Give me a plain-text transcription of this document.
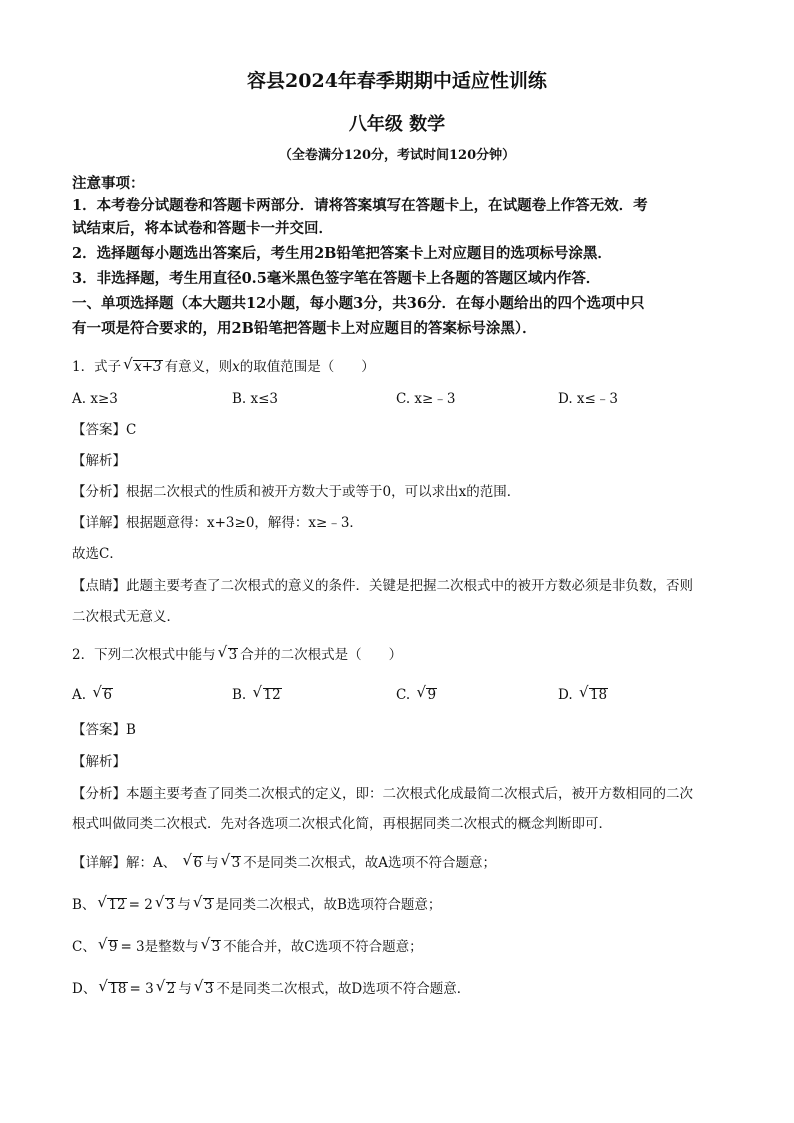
容县2024年春季期期中适应性训练
八年级 数学
（全卷满分120分，考试时间120分钟）
注意事项：
1．本考卷分试题卷和答题卡两部分．请将答案填写在答题卡上，在试题卷上作答无效．考
试结束后，将本试卷和答题卡一并交回．
2．选择题每小题选出答案后，考生用2B铅笔把答案卡上对应题目的选项标号涂黑．
3．非选择题，考生用直径0.5毫米黑色签字笔在答题卡上各题的答题区域内作答．
一、单项选择题（本大题共12小题，每小题3分，共36分．在每小题给出的四个选项中只
有一项是符合要求的，用2B铅笔把答题卡上对应题目的答案标号涂黑）．
1．式子 √ x+3 有意义，则x的取值范围是（　　）
A. x≥3	B. x≤3	C. x≥﹣3	D. x≤﹣3
【答案】C
【解析】
【分析】根据二次根式的性质和被开方数大于或等于0，可以求出x的范围．
【详解】根据题意得：x+3≥0，解得：x≥﹣3．
故选C．
【点睛】此题主要考查了二次根式的意义的条件．关键是把握二次根式中的被开方数必须是非负数，否则
二次根式无意义．
2．下列二次根式中能与 √ 3 合并的二次根式是（　　）
A. √ 6	B. √ 12	C. √ 9	D. √ 18
【答案】B
【解析】
【分析】本题主要考查了同类二次根式的定义，即：二次根式化成最简二次根式后，被开方数相同的二次
根式叫做同类二次根式．先对各选项二次根式化简，再根据同类二次根式的概念判断即可．
【详解】解：A、 √ 6 与 √ 3 不是同类二次根式，故A选项不符合题意；
B、 √ 12 = 2 √ 3 与 √ 3 是同类二次根式，故B选项符合题意；
C、 √ 9 = 3是整数与 √ 3 不能合并，故C选项不符合题意；
D、 √ 18 = 3 √ 2 与 √ 3 不是同类二次根式，故D选项不符合题意．
